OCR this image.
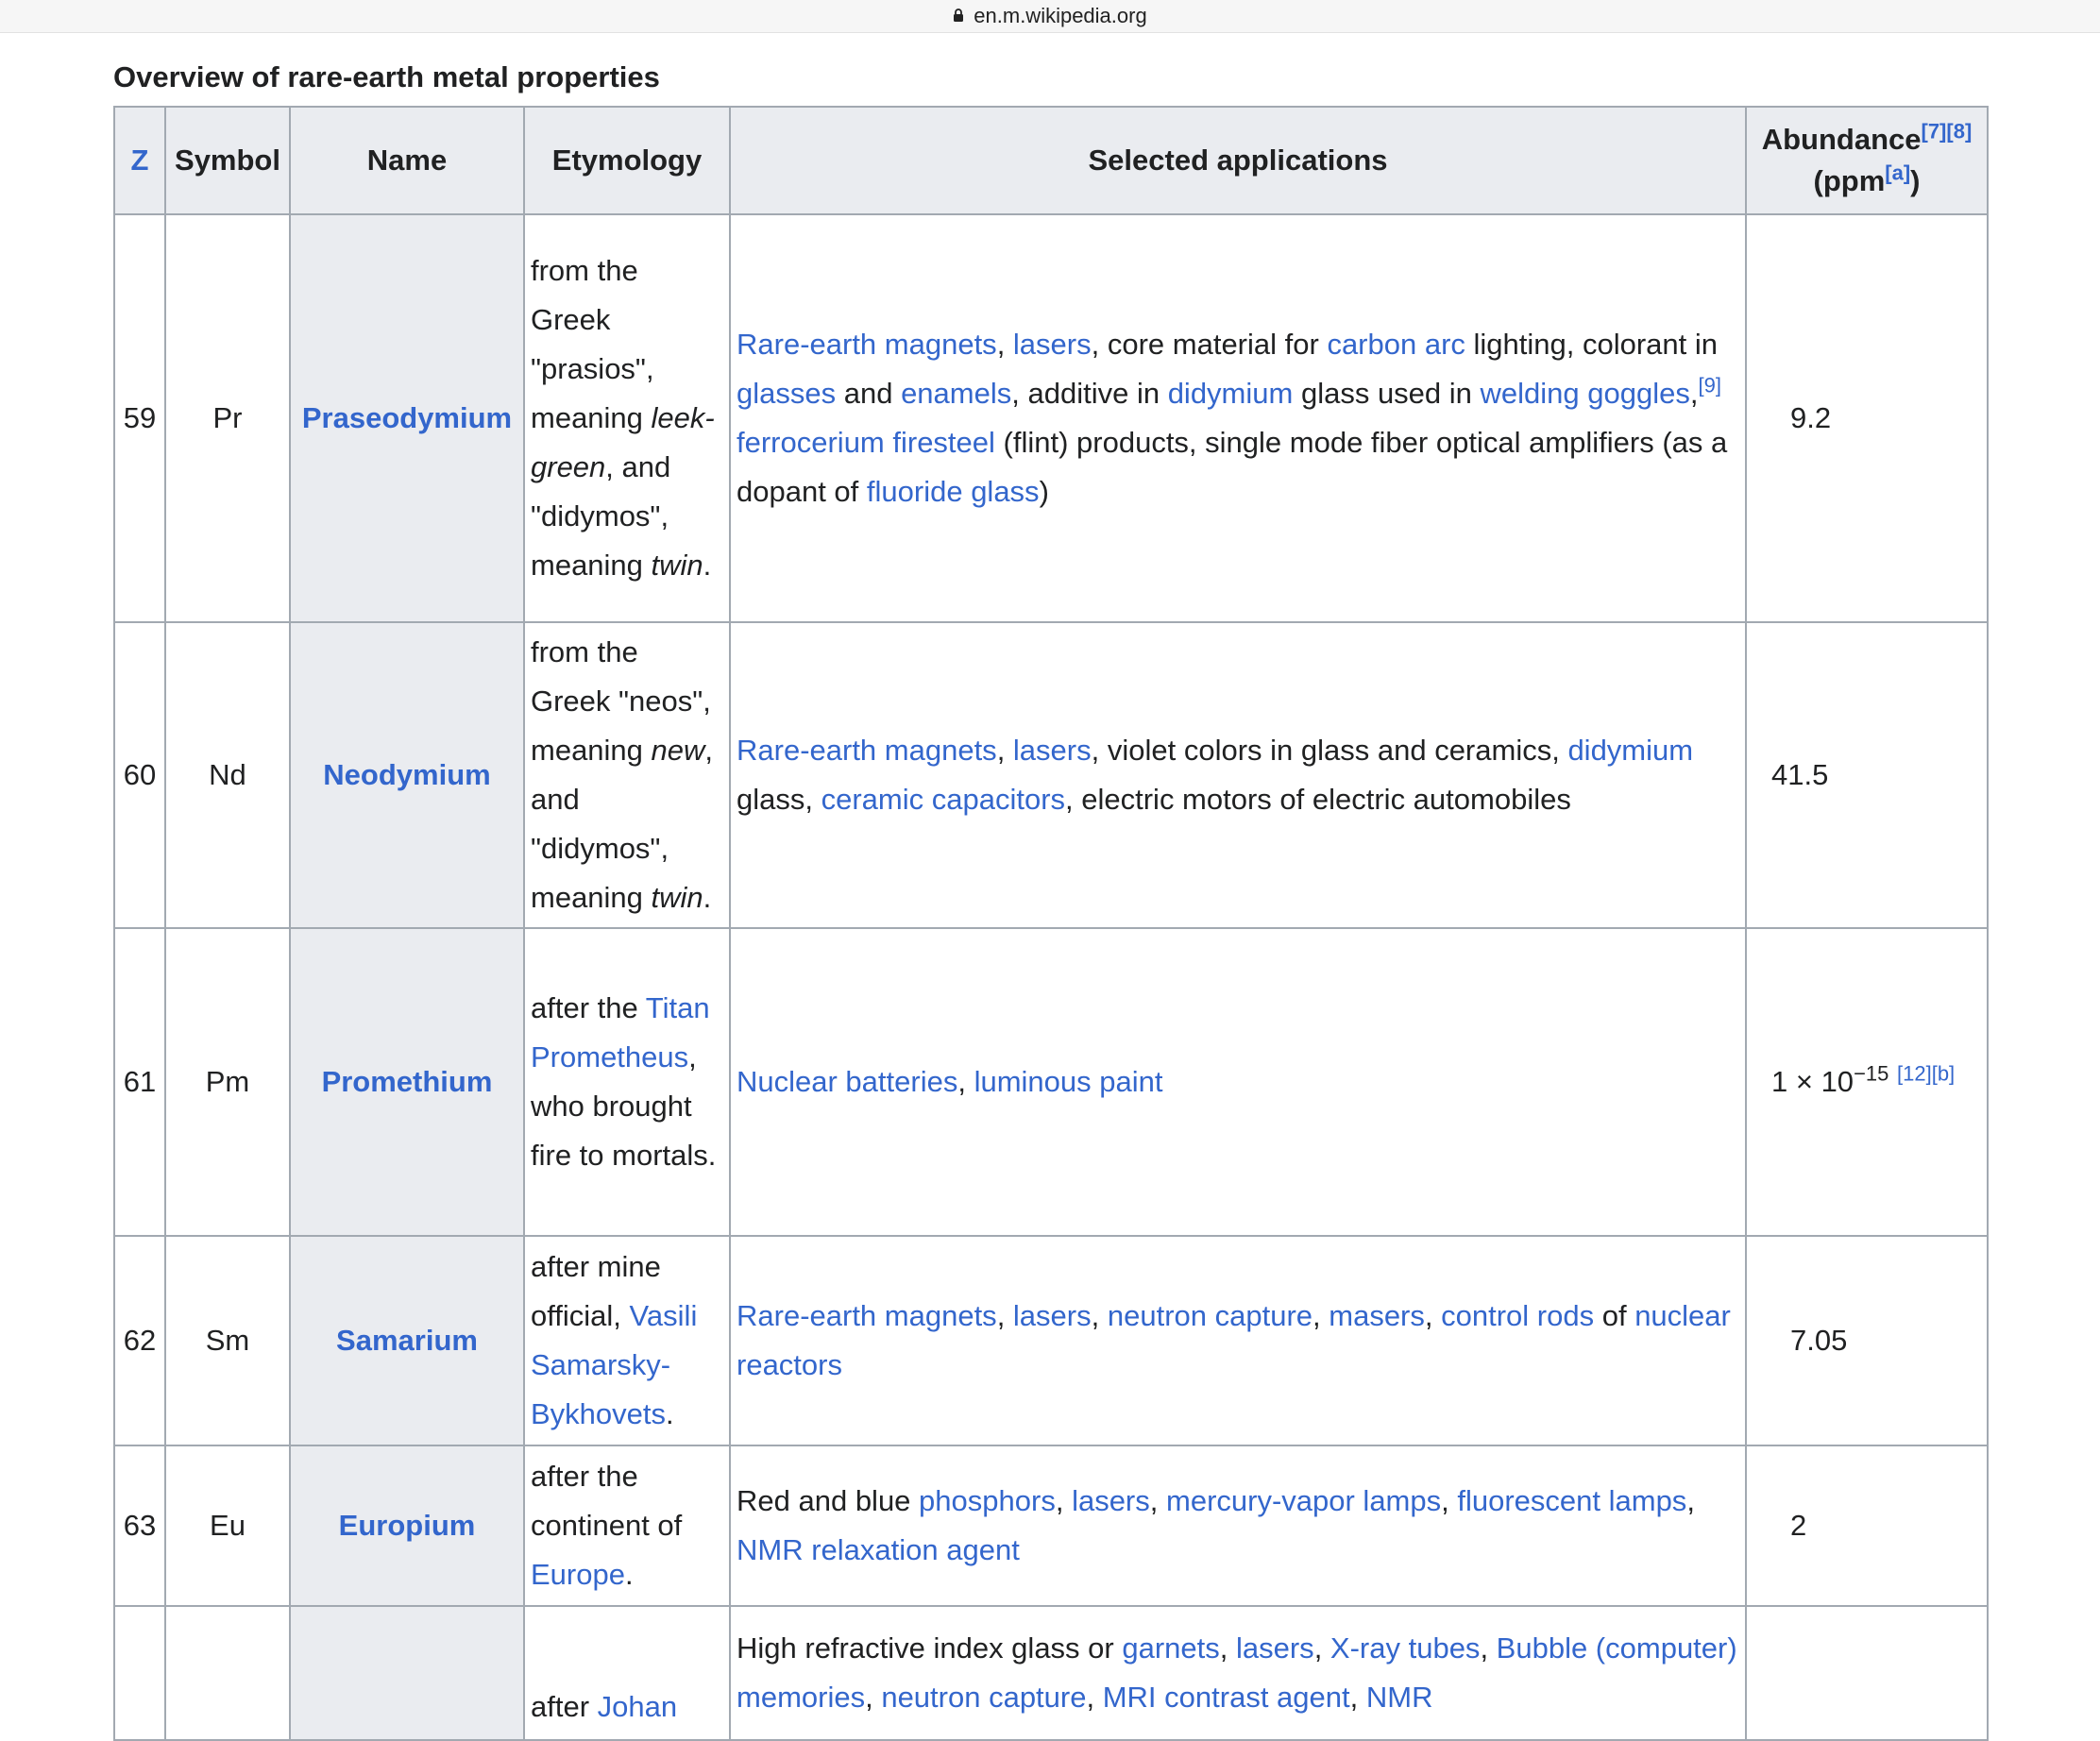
en.m.wikipedia.org
Overview of rare-earth metal properties
Z	Symbol	Name	Etymology	Selected applications	Abundance[7][8]
(ppm[a])
59	Pr	Praseodymium	from the Greek "prasios", meaning leek-green, and "didymos", meaning twin.	Rare-earth magnets, lasers, core material for carbon arc lighting, colorant in glasses and enamels, additive in didymium glass used in welding goggles,[9] ferrocerium firesteel (flint) products, single mode fiber optical amplifiers (as a dopant of fluoride glass)	9.2
60	Nd	Neodymium	from the Greek "neos", meaning new, and "didymos", meaning twin.	Rare-earth magnets, lasers, violet colors in glass and ceramics, didymium glass, ceramic capacitors, electric motors of electric automobiles	41.5
61	Pm	Promethium	after the Titan Prometheus, who brought fire to mortals.	Nuclear batteries, luminous paint	$1 \times 10^{-15}$ [12][b]
62	Sm	Samarium	after mine official, Vasili Samarsky-Bykhovets.	Rare-earth magnets, lasers, neutron capture, masers, control rods of nuclear reactors	7.05
63	Eu	Europium	after the continent of Europe.	Red and blue phosphors, lasers, mercury-vapor lamps, fluorescent lamps, NMR relaxation agent	2

			after Johan	High refractive index glass or garnets, lasers, X-ray tubes, Bubble (computer) memories, neutron capture, MRI contrast agent, NMR	
